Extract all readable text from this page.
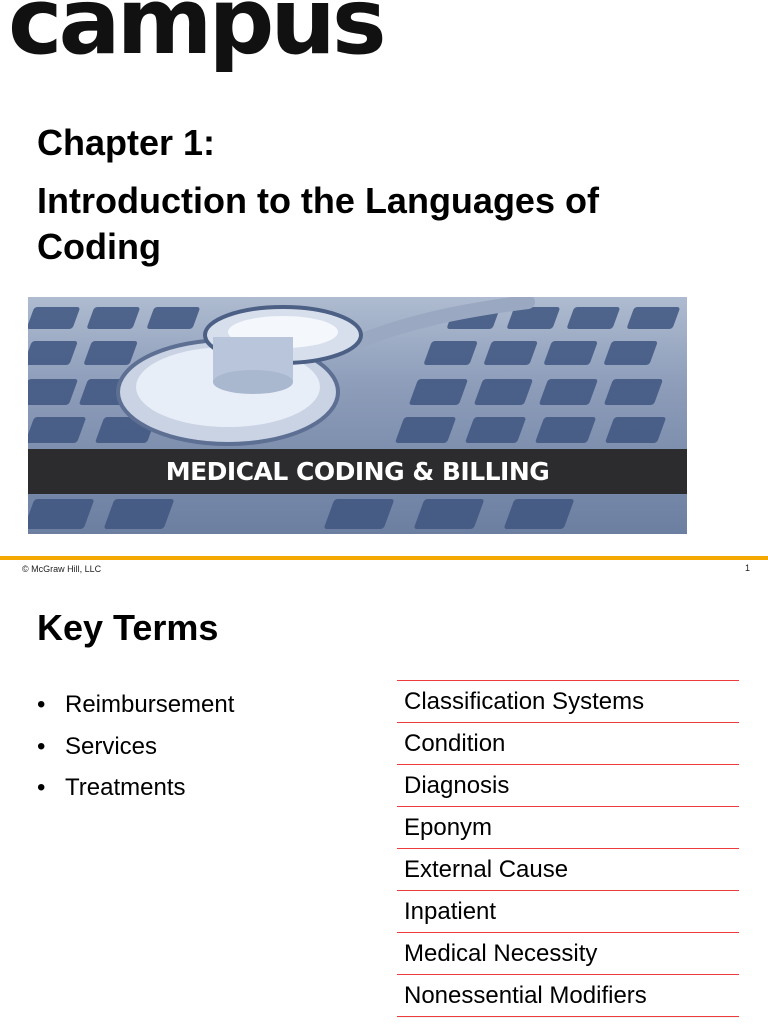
campus
Chapter 1:
Introduction to the Languages of Coding
MEDICAL CODING & BILLING
© McGraw Hill, LLC	1
Key Terms
• Reimbursement
• Services
• Treatments
Classification Systems
Condition
Diagnosis
Eponym
External Cause
Inpatient
Medical Necessity
Nonessential Modifiers
